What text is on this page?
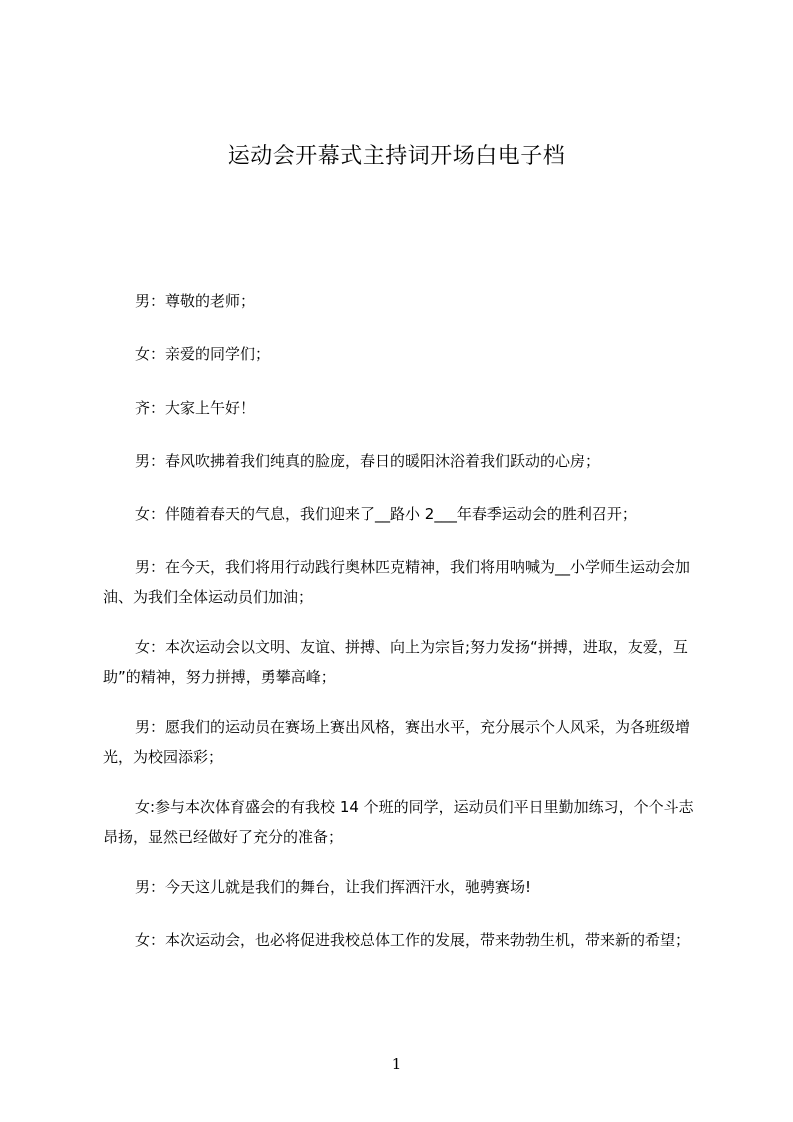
运动会开幕式主持词开场白电子档

男：尊敬的老师；

女：亲爱的同学们；

齐：大家上午好！

男：春风吹拂着我们纯真的脸庞，春日的暖阳沐浴着我们跃动的心房；

女：伴随着春天的气息，我们迎来了__路小 2___年春季运动会的胜利召开；

男：在今天，我们将用行动践行奥林匹克精神，我们将用呐喊为__小学师生运动会加油、为我们全体运动员们加油；

女：本次运动会以文明、友谊、拼搏、向上为宗旨;努力发扬“拼搏，进取，友爱，互助”的精神，努力拼搏，勇攀高峰；

男：愿我们的运动员在赛场上赛出风格，赛出水平，充分展示个人风采，为各班级增光，为校园添彩；

女:参与本次体育盛会的有我校 14 个班的同学，运动员们平日里勤加练习，个个斗志昂扬，显然已经做好了充分的准备；

男：今天这儿就是我们的舞台，让我们挥洒汗水，驰骋赛场!

女：本次运动会，也必将促进我校总体工作的发展，带来勃勃生机，带来新的希望；

1
